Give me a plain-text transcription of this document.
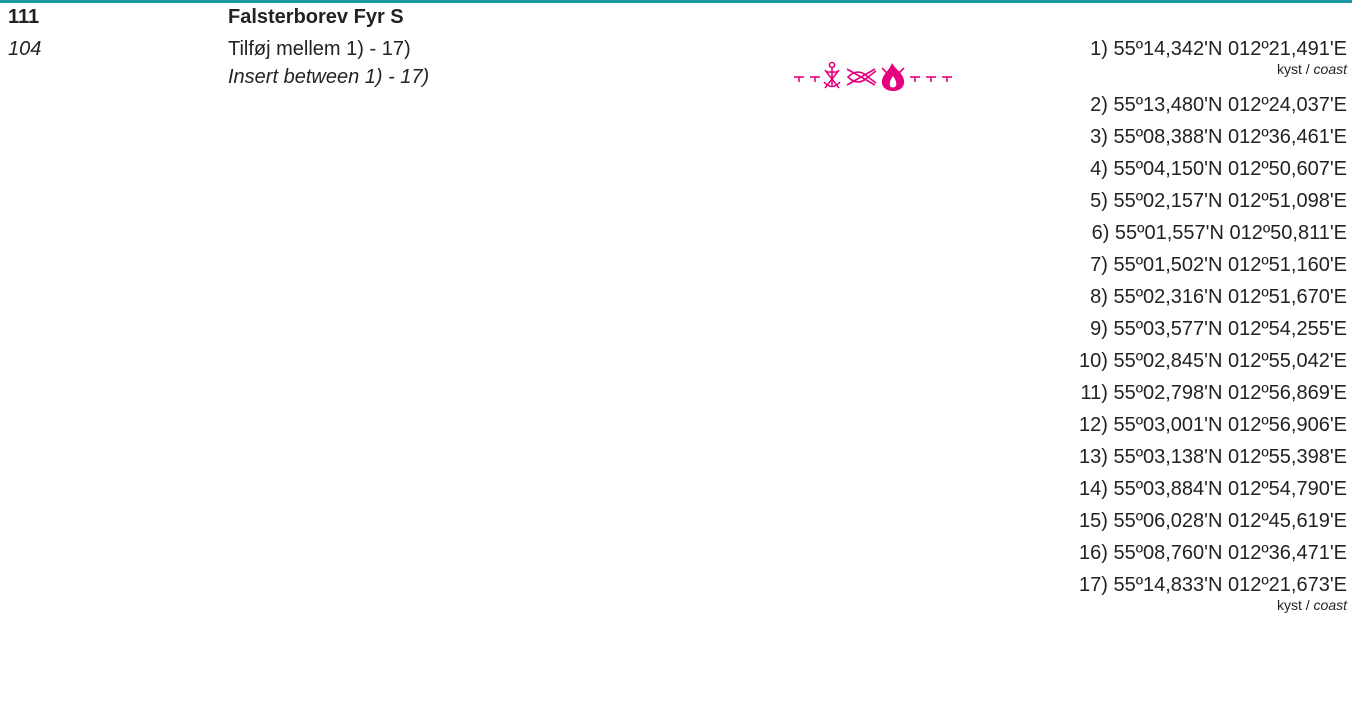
111	Falsterborev Fyr S
104	Tilføj mellem 1) - 17)
Insert between 1) - 17)
1) 55º14,342'N 012º21,491'E
kyst / coast
2) 55º13,480'N 012º24,037'E
3) 55º08,388'N 012º36,461'E
4) 55º04,150'N 012º50,607'E
5) 55º02,157'N 012º51,098'E
6) 55º01,557'N 012º50,811'E
7) 55º01,502'N 012º51,160'E
8) 55º02,316'N 012º51,670'E
9) 55º03,577'N 012º54,255'E
10) 55º02,845'N 012º55,042'E
11) 55º02,798'N 012º56,869'E
12) 55º03,001'N 012º56,906'E
13) 55º03,138'N 012º55,398'E
14) 55º03,884'N 012º54,790'E
15) 55º06,028'N 012º45,619'E
16) 55º08,760'N 012º36,471'E
17) 55º14,833'N 012º21,673'E
kyst / coast
